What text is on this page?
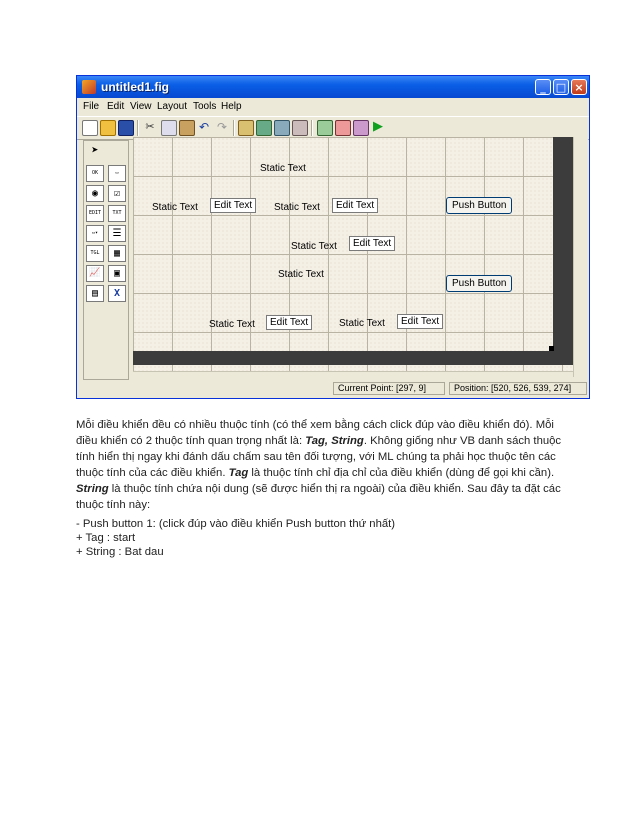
untitled1.fig	_ □ ×
File Edit View Layout Tools Help
✂	↶ ↷	▶
➤
OK	▭
◉	☑
EDIT	TXT
▭▾	☰
TGL	▦
📈	▣
▤	X
Static Text
Static Text	Edit Text	Static Text	Edit Text	Push Button
Static Text	Edit Text
Static Text
Push Button
Static Text	Edit Text	Static Text	Edit Text
Current Point: [297, 9]	Position: [520, 526, 539, 274]
Mỗi điều khiển đều có nhiều thuộc tính (có thể xem bằng cách click đúp vào điều khiển đó). Mỗi điều khiển có 2 thuộc tính quan trọng nhất là: Tag, String. Không giống như VB danh sách thuộc tính hiển thị ngay khi đánh dấu chấm sau tên đối tượng, với ML chúng ta phải học thuộc tên các thuộc tính của các điều khiển. Tag là thuộc tính chỉ địa chỉ của điều khiển (dùng để gọi khi cần). String là thuộc tính chứa nội dung (sẽ được hiển thị ra ngoài) của điều khiển. Sau đây ta đặt các thuộc tính này:
- Push button 1: (click đúp vào điều khiển Push button thứ nhất)
+ Tag : start
+ String : Bat dau
